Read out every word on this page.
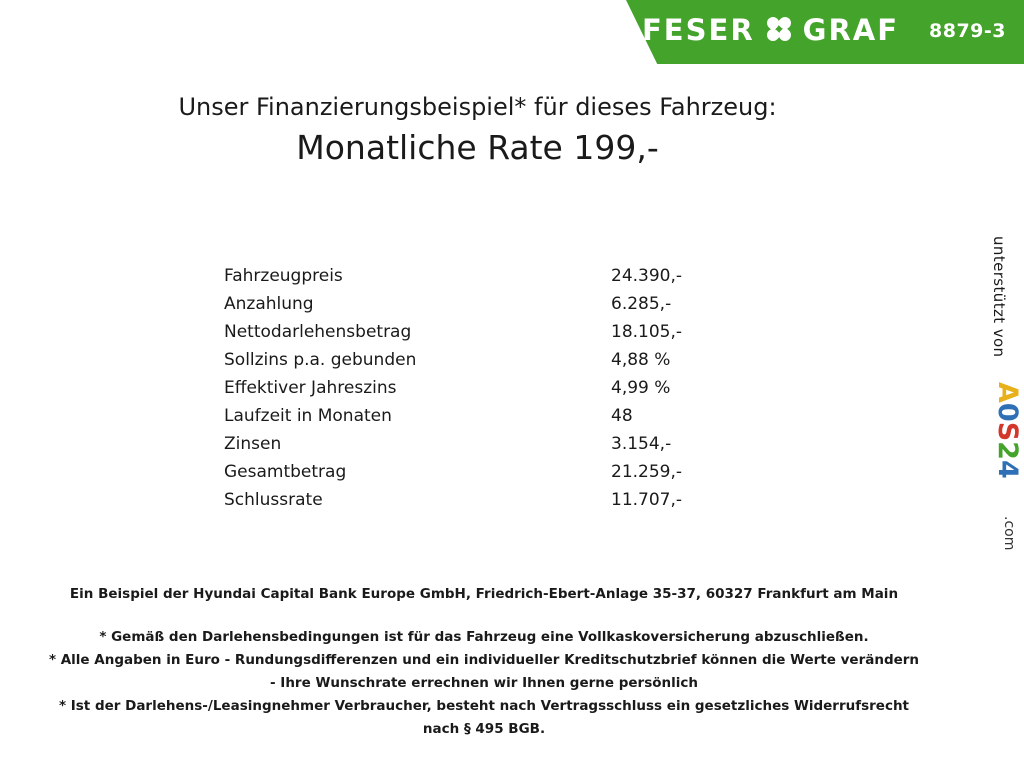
FESER GRAF 8879-3
Unser Finanzierungsbeispiel* für dieses Fahrzeug:
Monatliche Rate 199,-
Fahrzeugpreis	24.390,-
Anzahlung	6.285,-
Nettodarlehensbetrag	18.105,-
Sollzins p.a. gebunden	4,88 %
Effektiver Jahreszins	4,99 %
Laufzeit in Monaten	48
Zinsen	3.154,-
Gesamtbetrag	21.259,-
Schlussrate	11.707,-
unterstützt von
A0S24
.com
Ein Beispiel der Hyundai Capital Bank Europe GmbH, Friedrich-Ebert-Anlage 35-37, 60327 Frankfurt am Main
* Gemäß den Darlehensbedingungen ist für das Fahrzeug eine Vollkaskoversicherung abzuschließen.
* Alle Angaben in Euro - Rundungsdifferenzen und ein individueller Kreditschutzbrief können die Werte verändern
- Ihre Wunschrate errechnen wir Ihnen gerne persönlich
* Ist der Darlehens-/Leasingnehmer Verbraucher, besteht nach Vertragsschluss ein gesetzliches Widerrufsrecht
nach § 495 BGB.
